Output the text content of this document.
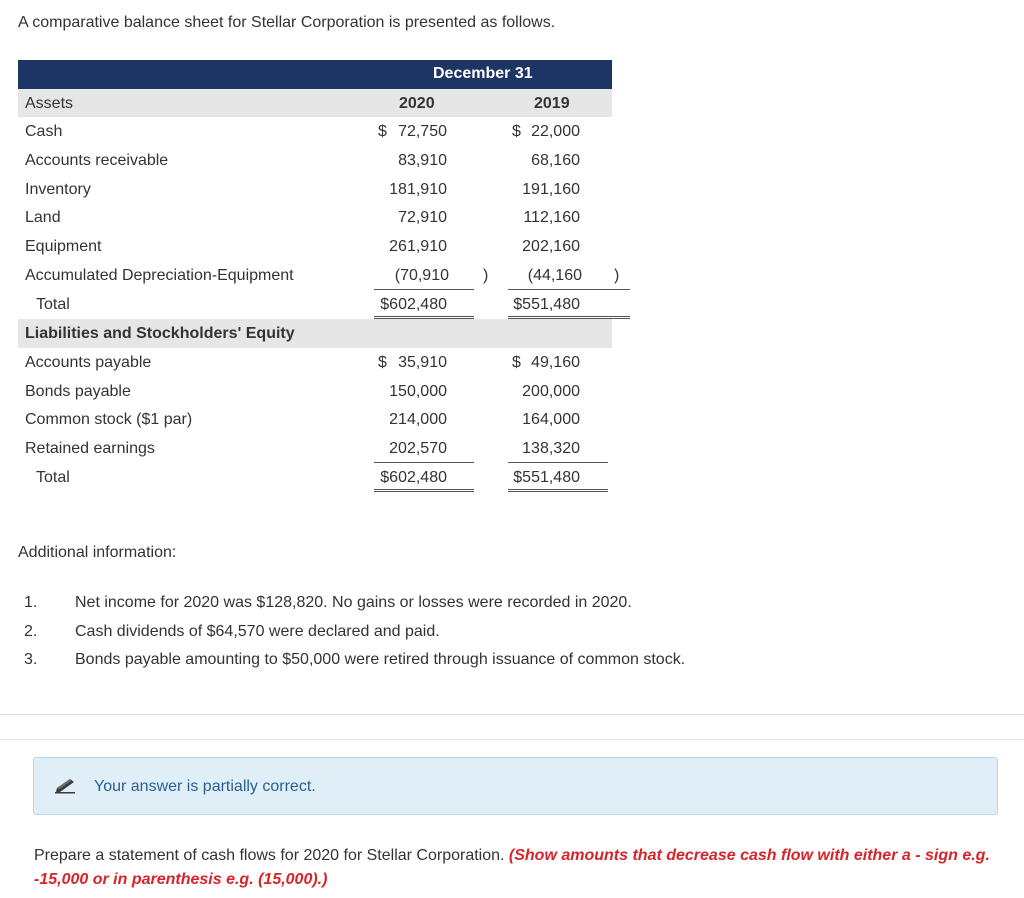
A comparative balance sheet for Stellar Corporation is presented as follows.
December 31
Assets	2020	2019
Cash	$ 72,750	$ 22,000
Accounts receivable	83,910	68,160
Inventory	181,910	191,160
Land	72,910	112,160
Equipment	261,910	202,160
Accumulated Depreciation-Equipment	(70,910 ) (44,160 )
Total	$602,480	$551,480
Liabilities and Stockholders' Equity
Accounts payable	$ 35,910	$ 49,160
Bonds payable	150,000	200,000
Common stock ($1 par)	214,000	164,000
Retained earnings	202,570	138,320
Total	$602,480	$551,480
Additional information:
1. Net income for 2020 was $128,820. No gains or losses were recorded in 2020.
2. Cash dividends of $64,570 were declared and paid.
3. Bonds payable amounting to $50,000 were retired through issuance of common stock.
Your answer is partially correct.
Prepare a statement of cash flows for 2020 for Stellar Corporation. (Show amounts that decrease cash flow with either a - sign e.g. -15,000 or in parenthesis e.g. (15,000).)
